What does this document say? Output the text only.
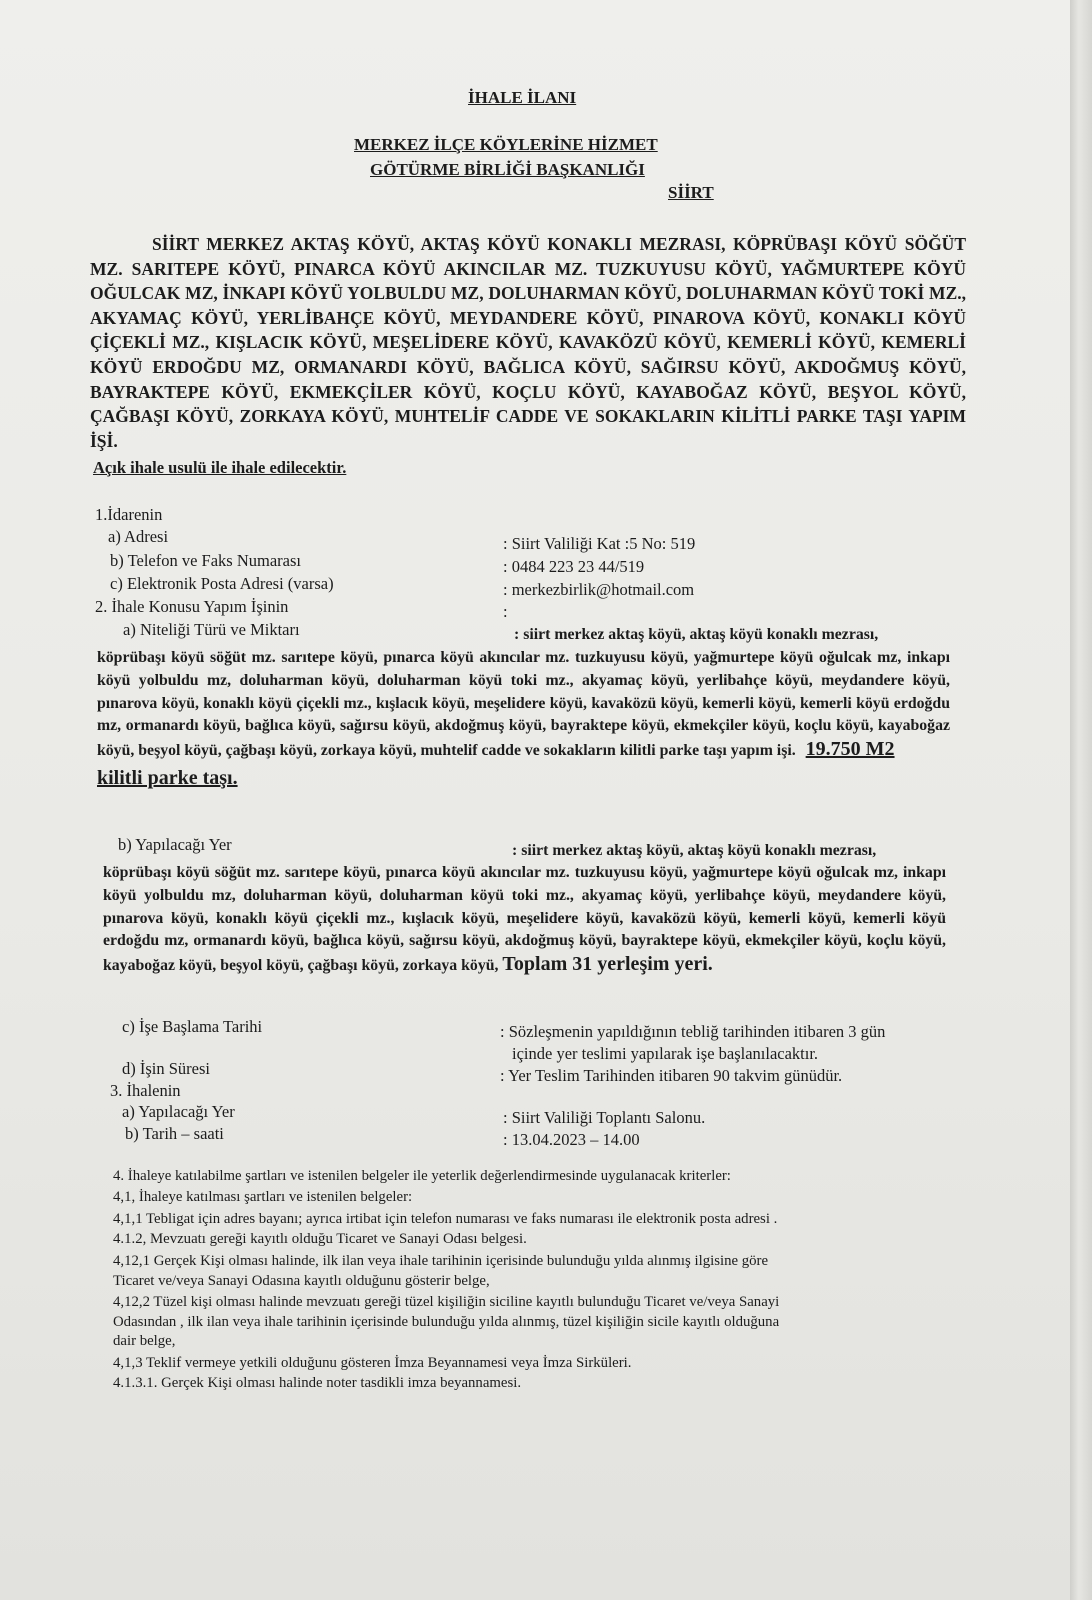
İHALE İLANI
MERKEZ İLÇE KÖYLERİNE HİZMET
GÖTÜRME BİRLİĞİ BAŞKANLIĞI
SİİRT
SİİRT MERKEZ AKTAŞ KÖYÜ, AKTAŞ KÖYÜ KONAKLI MEZRASI, KÖPRÜBAŞI KÖYÜ SÖĞÜT MZ. SARITEPE KÖYÜ, PINARCA KÖYÜ AKINCILAR MZ. TUZKUYUSU KÖYÜ, YAĞMURTEPE KÖYÜ OĞULCAK MZ, İNKAPI KÖYÜ YOLBULDU MZ, DOLUHARMAN KÖYÜ, DOLUHARMAN KÖYÜ TOKİ MZ., AKYAMAÇ KÖYÜ, YERLİBAHÇE KÖYÜ, MEYDANDERE KÖYÜ, PINAROVA KÖYÜ, KONAKLI KÖYÜ ÇİÇEKLİ MZ., KIŞLACIK KÖYÜ, MEŞELİDERE KÖYÜ, KAVAKÖZÜ KÖYÜ, KEMERLİ KÖYÜ, KEMERLİ KÖYÜ ERDOĞDU MZ, ORMANARDI KÖYÜ, BAĞLICA KÖYÜ, SAĞIRSU KÖYÜ, AKDOĞMUŞ KÖYÜ, BAYRAKTEPE KÖYÜ, EKMEKÇİLER KÖYÜ, KOÇLU KÖYÜ, KAYABOĞAZ KÖYÜ, BEŞYOL KÖYÜ, ÇAĞBAŞI KÖYÜ, ZORKAYA KÖYÜ, MUHTELİF CADDE VE SOKAKLARIN KİLİTLİ PARKE TAŞI YAPIM İŞİ.
Açık ihale usulü ile ihale edilecektir.
1.İdarenin
a) Adresi	: Siirt Valiliği Kat :5 No: 519
b) Telefon ve Faks Numarası	: 0484 223 23 44/519
c) Elektronik Posta Adresi (varsa)	: merkezbirlik@hotmail.com
2. İhale Konusu Yapım İşinin	:
a) Niteliği Türü ve Miktarı	: siirt merkez aktaş köyü, aktaş köyü konaklı mezrası,
köprübaşı köyü söğüt mz. sarıtepe köyü, pınarca köyü akıncılar mz. tuzkuyusu köyü, yağmurtepe köyü oğulcak mz, inkapı köyü yolbuldu mz, doluharman köyü, doluharman köyü toki mz., akyamaç köyü, yerlibahçe köyü, meydandere köyü, pınarova köyü, konaklı köyü çiçekli mz., kışlacık köyü, meşelidere köyü, kavaközü köyü, kemerli köyü, kemerli köyü erdoğdu mz, ormanardı köyü, bağlıca köyü, sağırsu köyü, akdoğmuş köyü, bayraktepe köyü, ekmekçiler köyü, koçlu köyü, kayaboğaz köyü, beşyol köyü, çağbaşı köyü, zorkaya köyü, muhtelif cadde ve sokakların kilitli parke taşı yapım işi. 19.750 M2
kilitli parke taşı.
b) Yapılacağı Yer	: siirt merkez aktaş köyü, aktaş köyü konaklı mezrası,
köprübaşı köyü söğüt mz. sarıtepe köyü, pınarca köyü akıncılar mz. tuzkuyusu köyü, yağmurtepe köyü oğulcak mz, inkapı köyü yolbuldu mz, doluharman köyü, doluharman köyü toki mz., akyamaç köyü, yerlibahçe köyü, meydandere köyü, pınarova köyü, konaklı köyü çiçekli mz., kışlacık köyü, meşelidere köyü, kavaközü köyü, kemerli köyü, kemerli köyü erdoğdu mz, ormanardı köyü, bağlıca köyü, sağırsu köyü, akdoğmuş köyü, bayraktepe köyü, ekmekçiler köyü, koçlu köyü, kayaboğaz köyü, beşyol köyü, çağbaşı köyü, zorkaya köyü, Toplam 31 yerleşim yeri.
c) İşe Başlama Tarihi	: Sözleşmenin yapıldığının tebliğ tarihinden itibaren 3 gün
içinde yer teslimi yapılarak işe başlanılacaktır.
d) İşin Süresi	: Yer Teslim Tarihinden itibaren 90 takvim günüdür.
3. İhalenin
a) Yapılacağı Yer	: Siirt Valiliği Toplantı Salonu.
b) Tarih – saati	: 13.04.2023 – 14.00
4. İhaleye katılabilme şartları ve istenilen belgeler ile yeterlik değerlendirmesinde uygulanacak kriterler:
4,1, İhaleye katılması şartları ve istenilen belgeler:
4,1,1 Tebligat için adres bayanı; ayrıca irtibat için telefon numarası ve faks numarası ile elektronik posta adresi .
4.1.2, Mevzuatı gereği kayıtlı olduğu Ticaret ve Sanayi Odası belgesi.
4,12,1 Gerçek Kişi olması halinde, ilk ilan veya ihale tarihinin içerisinde bulunduğu yılda alınmış ilgisine göre
Ticaret ve/veya Sanayi Odasına kayıtlı olduğunu gösterir belge,
4,12,2 Tüzel kişi olması halinde mevzuatı gereği tüzel kişiliğin siciline kayıtlı bulunduğu Ticaret ve/veya Sanayi
Odasından , ilk ilan veya ihale tarihinin içerisinde bulunduğu yılda alınmış, tüzel kişiliğin sicile kayıtlı olduğuna
dair belge,
4,1,3 Teklif vermeye yetkili olduğunu gösteren İmza Beyannamesi veya İmza Sirküleri.
4.1.3.1. Gerçek Kişi olması halinde noter tasdikli imza beyannamesi.
